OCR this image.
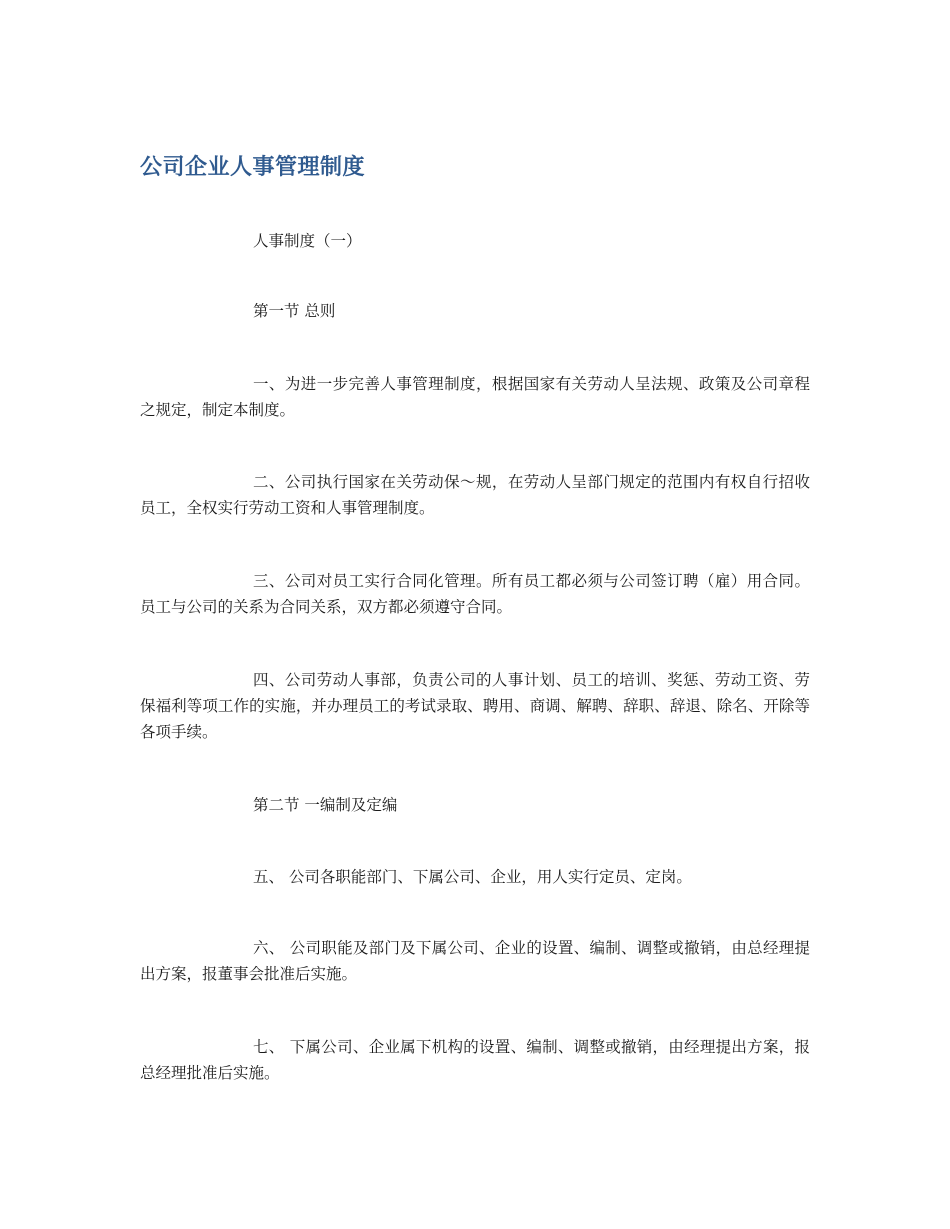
公司企业人事管理制度

人事制度（一）

第一节 总则

一、为进一步完善人事管理制度，根据国家有关劳动人呈法规、政策及公司章程之规定，制定本制度。

二、公司执行国家在关劳动保～规，在劳动人呈部门规定的范围内有权自行招收员工，全权实行劳动工资和人事管理制度。

三、公司对员工实行合同化管理。所有员工都必须与公司签订聘（雇）用合同。员工与公司的关系为合同关系，双方都必须遵守合同。

四、公司劳动人事部，负责公司的人事计划、员工的培训、奖惩、劳动工资、劳保福利等项工作的实施，并办理员工的考试录取、聘用、商调、解聘、辞职、辞退、除名、开除等各项手续。

第二节 一编制及定编

五、 公司各职能部门、下属公司、企业，用人实行定员、定岗。

六、 公司职能及部门及下属公司、企业的设置、编制、调整或撤销，由总经理提出方案，报董事会批准后实施。

七、 下属公司、企业属下机构的设置、编制、调整或撤销，由经理提出方案，报总经理批准后实施。
